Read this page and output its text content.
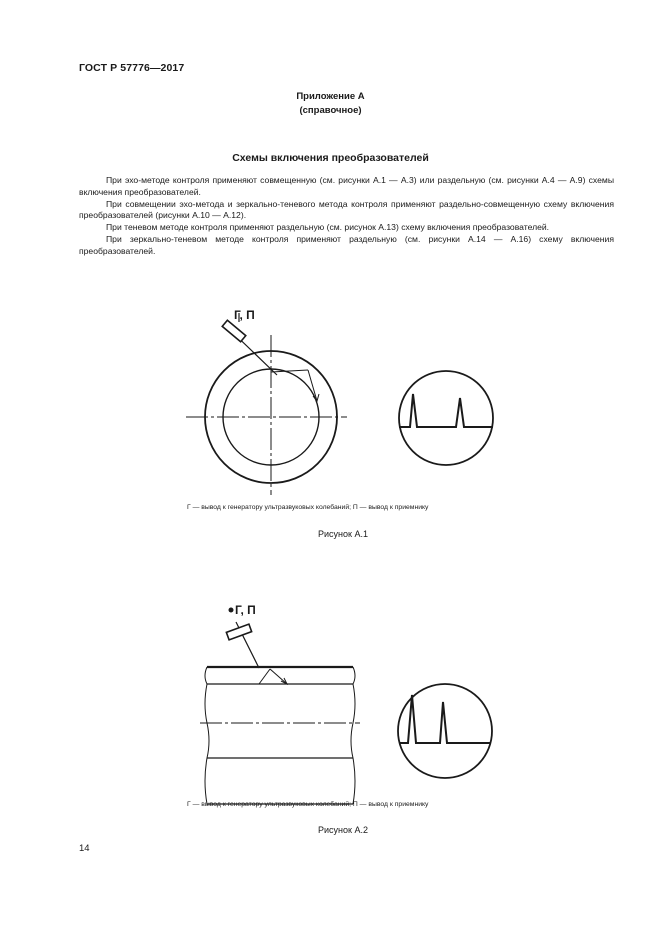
ГОСТ Р 57776—2017
Приложение А
(справочное)
Схемы включения преобразователей

При эхо-методе контроля применяют совмещенную (см. рисунки А.1 — А.3) или раздельную (см. рисунки А.4 — А.9) схемы включения преобразователей.

При совмещении эхо-метода и зеркально-теневого метода контроля применяют раздельно-совмещенную схему включения преобразователей (рисунки А.10 — А.12).

При теневом методе контроля применяют раздельную (см. рисунок А.13) схему включения преобразователей.

При зеркально-теневом методе контроля применяют раздельную (см. рисунки А.14 — А.16) схему включения преобразователей.

Г, П
Г — вывод к генератору ультразвуковых колебаний; П — вывод к приемнику
Рисунок А.1
Г, П
Г — вывод к генератору ультразвуковых колебаний; П — вывод к приемнику
Рисунок А.2
14
